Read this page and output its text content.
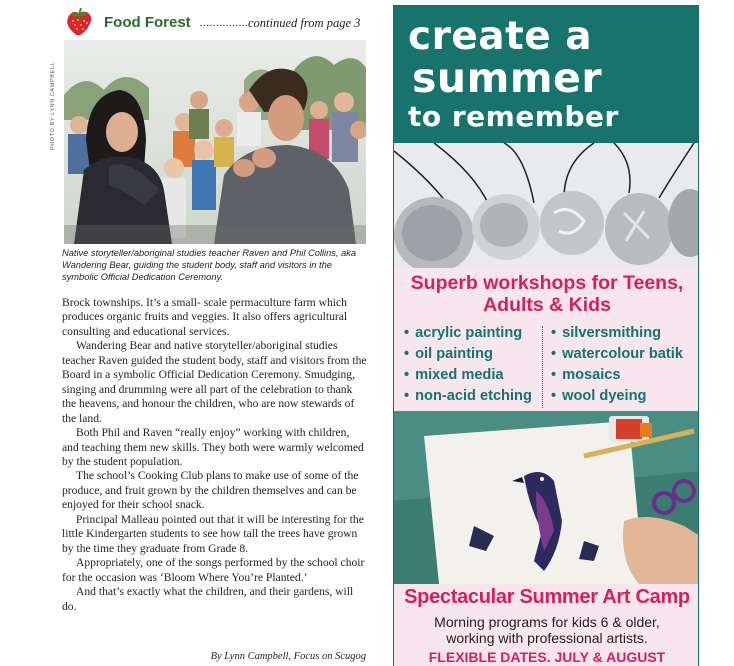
Food Forest ............... continued from page 3
PHOTO BY LYNN CAMPBELL
Native storyteller/aboriginal studies teacher Raven and Phil Collins, aka Wandering Bear, guiding the student body, staff and visitors in the symbolic Official Dedication Ceremony.

Brock townships. It’s a small- scale permaculture farm which produces organic fruits and veggies. It also offers agricultural consulting and educational services.

Wandering Bear and native storyteller/aboriginal studies teacher Raven guided the student body, staff and visitors from the Board in a symbolic Official Dedication Ceremony. Smudging, singing and drumming were all part of the celebration to thank the heavens, and honour the children, who are now stewards of the land.

Both Phil and Raven “really enjoy” working with children, and teaching them new skills. They both were warmly welcomed by the student population.

The school’s Cooking Club plans to make use of some of the produce, and fruit grown by the children themselves and can be enjoyed for their school snack.

Principal Malleau pointed out that it will be interesting for the little Kindergarten students to see how tall the trees have grown by the time they graduate from Grade 8.

Appropriately, one of the songs performed by the school choir for the occasion was ‘Bloom Where You’re Planted.’

And that’s exactly what the children, and their gardens, will do.

By Lynn Campbell, Focus on Scugog
create a
summer
to remember
Superb workshops for Teens, Adults & Kids
• acrylic painting
• oil painting
• mixed media
• non-acid etching
• silversmithing
• watercolour batik
• mosaics
• wool dyeing
Spectacular Summer Art Camp
Morning programs for kids 6 & older,
working with professional artists.
FLEXIBLE DATES. JULY & AUGUST
